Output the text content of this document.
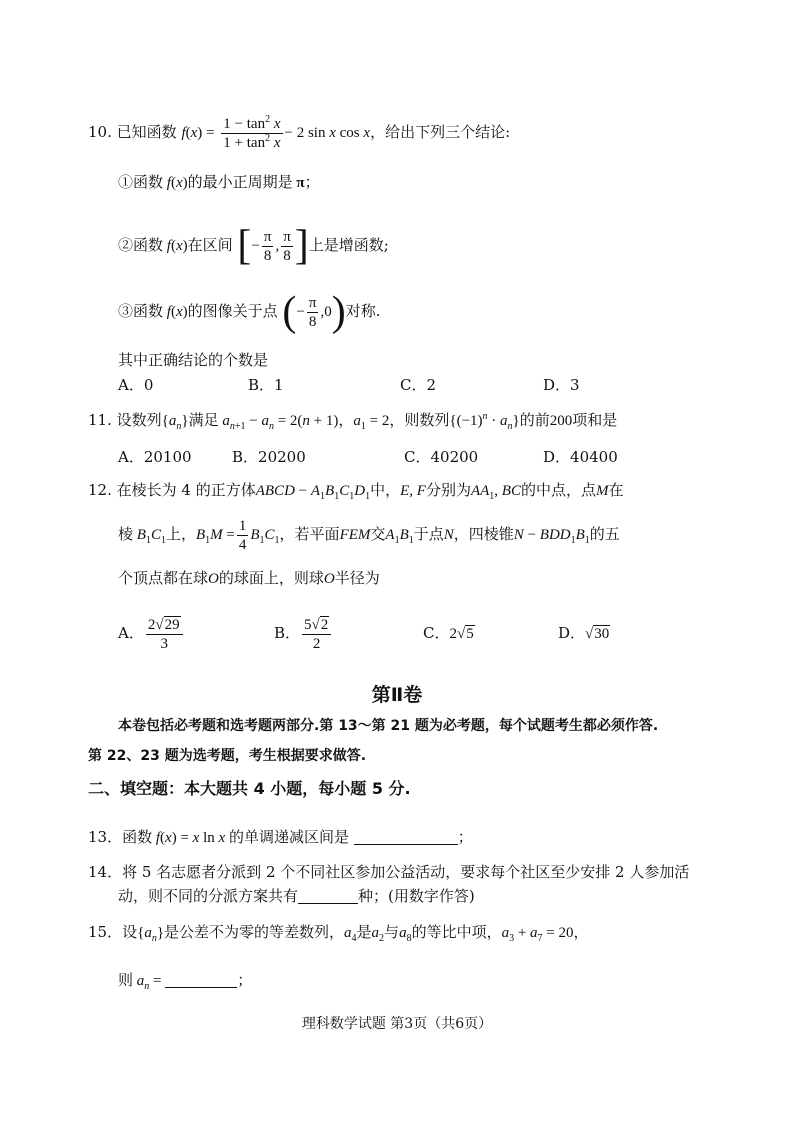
10. 已知函数 $f(x) = \frac{1 - \tan^2 x}{1 + \tan^2 x} - 2$ sin x cos x，给出下列三个结论:
①函数 f(x)的最小正周期是 π；
②函数 f(x)在区间 [− $\frac{\pi}{8}$ , $\frac{\pi}{8}$ ]上是增函数;
③函数 f(x)的图像关于点 (− $\frac{\pi}{8} ,0$)对称.
其中正确结论的个数是
A．0	B．1	C．2	D．3
11. 设数列$\{a_n\}$满足 $a_{n+1} - a_n = 2(n + 1)$，$a_1 = 2$，则数列$\{(-1)^n \cdot a_n\}$的前200项和是
A．20100	B．20200	C．40200	D．40400
12. 在棱长为 4 的正方体ABCD − $A_1B_1C_1D_1$中，E, F分别为$AA_1$, BC的中点，点M在
棱 $B_1C_1$上，$B_1M = \frac{1}{4} B_1C_1$，若平面FEM交$A_1B_1$于点N，四棱锥$N - BDD_1B_1$的五
个顶点都在球O的球面上，则球O半径为
A． $\frac{2√29}{3}$	B． $\frac{5√2}{2}$	C．2√5	D．√30
第Ⅱ卷
本卷包括必考题和选考题两部分.第 13～第 21 题为必考题，每个试题考生都必须作答.
第 22、23 题为选考题，考生根据要求做答.
二、填空题：本大题共 4 小题，每小题 5 分.
13．函数 f(x) = x ln x 的单调递减区间是	；
14．将 5 名志愿者分派到 2 个不同社区参加公益活动，要求每个社区至少安排 2 人参加活
动，则不同的分派方案共有	种；(用数字作答)
15．设$\{a_n\}$是公差不为零的等差数列，$a_4$是$a_2$与$a_8$的等比中项，$a_3 + a_7 = 20$，
则 $a_n$ =	；
理科数学试题 第3页（共6页）
